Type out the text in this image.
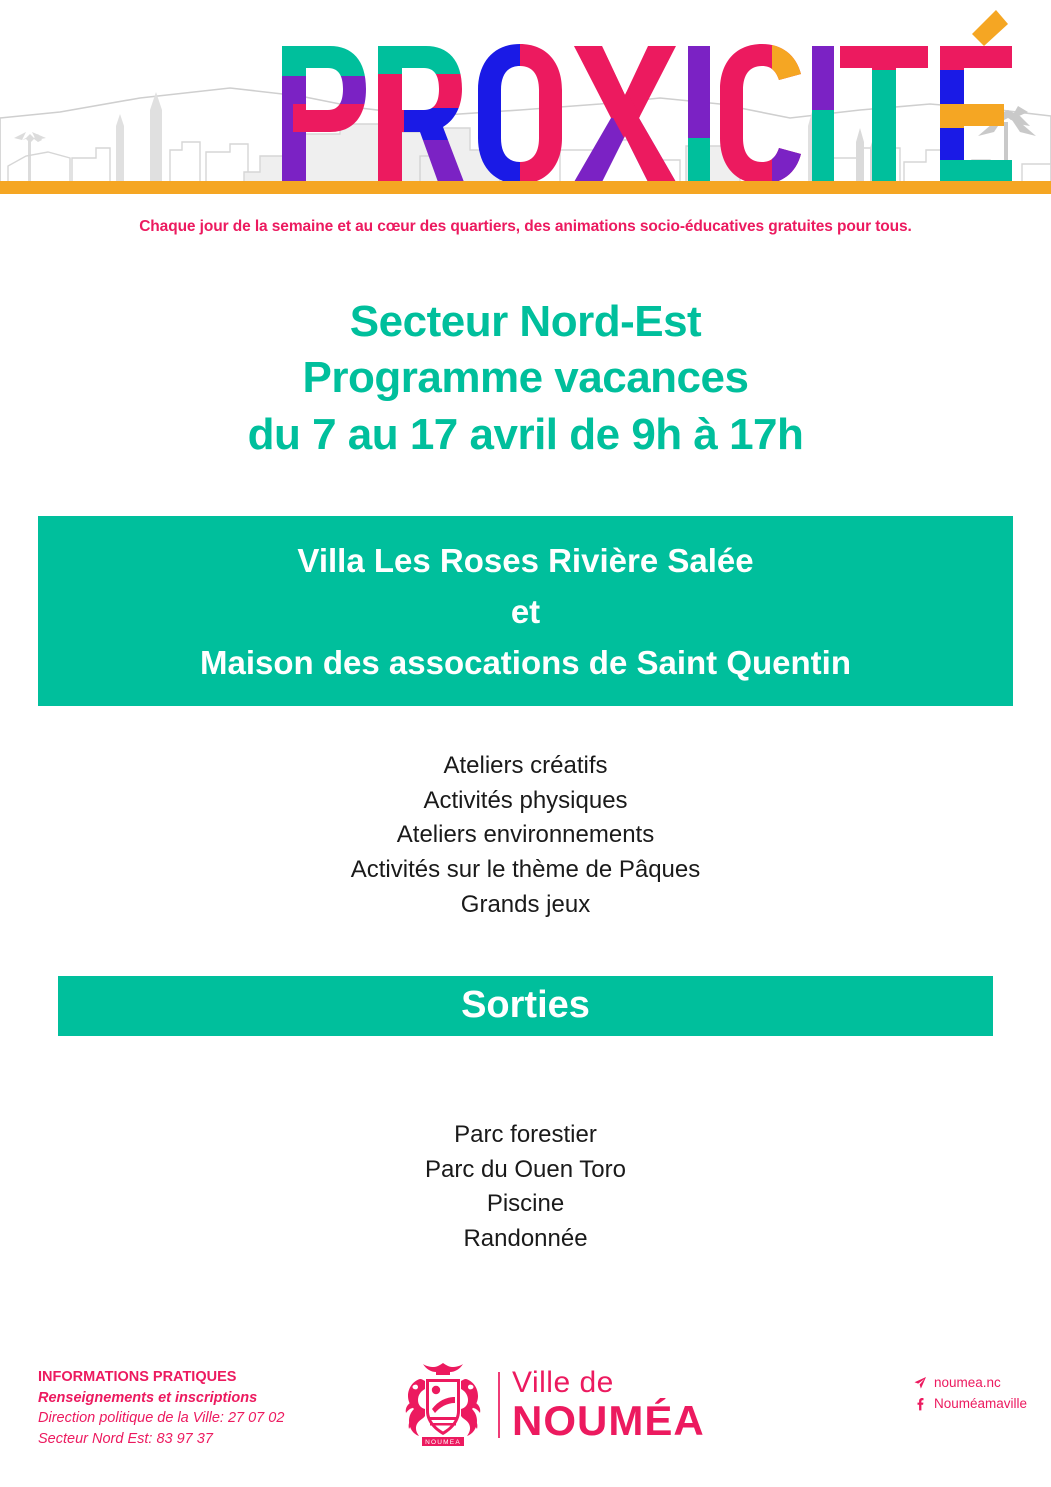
Chaque jour de la semaine et au cœur des quartiers, des animations socio-éducatives gratuites pour tous.
Secteur Nord-Est
Programme vacances
du 7 au 17 avril de 9h à 17h
Villa Les Roses Rivière Salée
et
Maison des assocations de Saint Quentin
Ateliers créatifs
Activités physiques
Ateliers environnements
Activités sur le thème de Pâques
Grands jeux
Sorties
Parc forestier
Parc du Ouen Toro
Piscine
Randonnée
INFORMATIONS PRATIQUES
Renseignements et inscriptions
Direction politique de la Ville: 27 07 02
Secteur Nord Est: 83 97 37	NOUMEA
Ville de
NOUMÉA
noumea.nc
Nouméamaville
